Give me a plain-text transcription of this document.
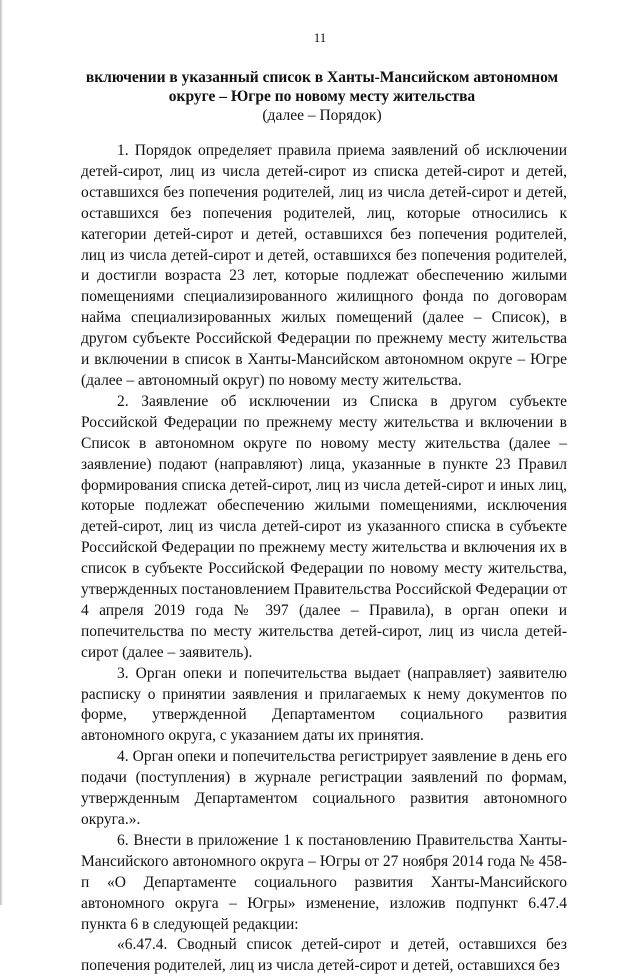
11
включении в указанный список в Ханты-Мансийском автономном
округе – Югре по новому месту жительства
(далее – Порядок)

1. Порядок определяет правила приема заявлений об исключении детей-сирот, лиц из числа детей-сирот из списка детей-сирот и детей, оставшихся без попечения родителей, лиц из числа детей-сирот и детей, оставшихся без попечения родителей, лиц, которые относились к категории детей-сирот и детей, оставшихся без попечения родителей, лиц из числа детей-сирот и детей, оставшихся без попечения родителей, и достигли возраста 23 лет, которые подлежат обеспечению жилыми помещениями специализированного жилищного фонда по договорам найма специализированных жилых помещений (далее – Список), в другом субъекте Российской Федерации по прежнему месту жительства и включении в список в Ханты-Мансийском автономном округе – Югре (далее – автономный округ) по новому месту жительства.

2. Заявление об исключении из Списка в другом субъекте Российской Федерации по прежнему месту жительства и включении в Список в автономном округе по новому месту жительства (далее – заявление) подают (направляют) лица, указанные в пункте 23 Правил формирования списка детей-сирот, лиц из числа детей-сирот и иных лиц, которые подлежат обеспечению жилыми помещениями, исключения детей-сирот, лиц из числа детей-сирот из указанного списка в субъекте Российской Федерации по прежнему месту жительства и включения их в список в субъекте Российской Федерации по новому месту жительства, утвержденных постановлением Правительства Российской Федерации от 4 апреля 2019 года № 397 (далее – Правила), в орган опеки и попечительства по месту жительства детей-сирот, лиц из числа детей-сирот (далее – заявитель).

3. Орган опеки и попечительства выдает (направляет) заявителю расписку о принятии заявления и прилагаемых к нему документов по форме, утвержденной Департаментом социального развития автономного округа, с указанием даты их принятия.

4. Орган опеки и попечительства регистрирует заявление в день его подачи (поступления) в журнале регистрации заявлений по формам, утвержденным Департаментом социального развития автономного округа.».

6. Внести в приложение 1 к постановлению Правительства Ханты-Мансийского автономного округа – Югры от 27 ноября 2014 года № 458-п «О Департаменте социального развития Ханты-Мансийского автономного округа – Югры» изменение, изложив подпункт 6.47.4 пункта 6 в следующей редакции:

«6.47.4. Сводный список детей-сирот и детей, оставшихся без попечения родителей, лиц из числа детей-сирот и детей, оставшихся без
